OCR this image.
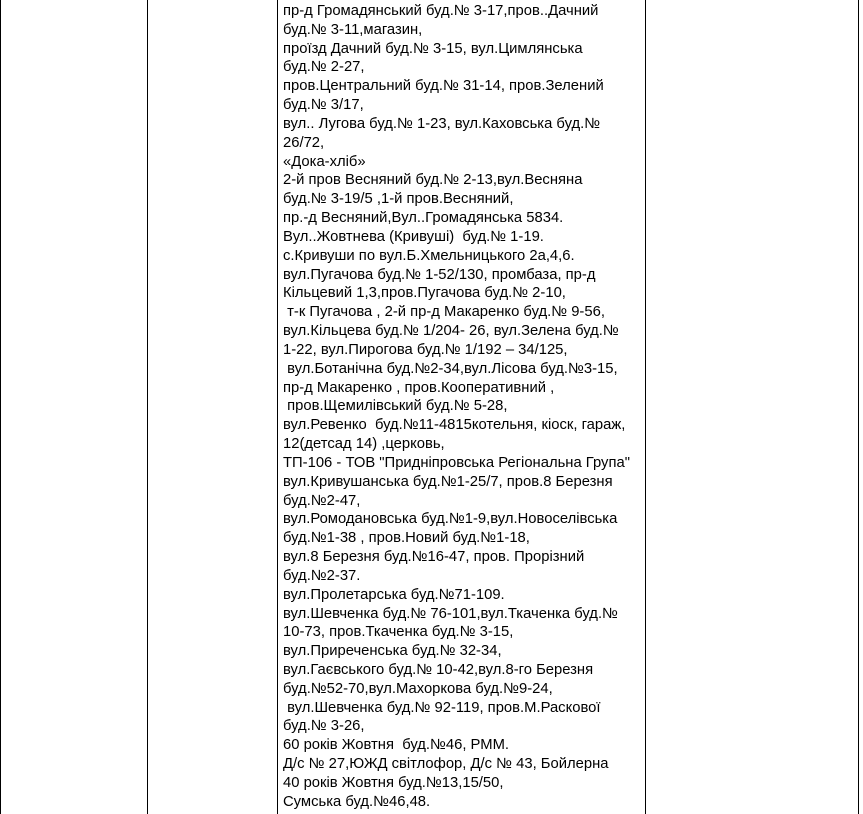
пр-д Громадянський буд.№ 3-17,пров..Дачний
буд.№ 3-11,магазин,
проїзд Дачний буд.№ 3-15, вул.Цимлянська
буд.№ 2-27,
пров.Центральний буд.№ 31-14, пров.Зелений
буд.№ 3/17,
вул.. Лугова буд.№ 1-23, вул.Каховська буд.№
26/72,
«Дока-хліб»
2-й пров Весняний буд.№ 2-13,вул.Весняна
буд.№ 3-19/5 ,1-й пров.Весняний,
пр.-д Весняний,Вул..Громадянська 5834.
Вул..Жовтнева (Кривуші)  буд.№ 1-19.
с.Кривуши по вул.Б.Хмельницького 2а,4,6.
вул.Пугачова буд.№ 1-52/130, промбаза, пр-д
Кільцевий 1,3,пров.Пугачова буд.№ 2-10,
т-к Пугачова , 2-й пр-д Макаренко буд.№ 9-56,
вул.Кільцева буд.№ 1/204- 26, вул.Зелена буд.№
1-22, вул.Пирогова буд.№ 1/192 – 34/125,
вул.Ботанічна буд.№2-34,вул.Лісова буд.№3-15,
пр-д Макаренко , пров.Кооперативний ,
пров.Щемилівський буд.№ 5-28,
вул.Ревенко  буд.№11-4815котельня, кіоск, гараж,
12(детсад 14) ,церковь,
ТП-106 - ТОВ "Придніпровська Регіональна Група"
вул.Кривушанська буд.№1-25/7, пров.8 Березня
буд.№2-47,
вул.Ромодановська буд.№1-9,вул.Новоселівська
буд.№1-38 , пров.Новий буд.№1-18,
вул.8 Березня буд.№16-47, пров. Прорізний
буд.№2-37.
вул.Пролетарська буд.№71-109.
вул.Шевченка буд.№ 76-101,вул.Ткаченка буд.№
10-73, пров.Ткаченка буд.№ 3-15,
вул.Приреченська буд.№ 32-34,
вул.Гаєвського буд.№ 10-42,вул.8-го Березня
буд.№52-70,вул.Махоркова буд.№9-24,
вул.Шевченка буд.№ 92-119, пров.М.Раскової
буд.№ 3-26,
60 років Жовтня  буд.№46, РММ.
Д/с № 27,ЮЖД світлофор, Д/с № 43, Бойлерна
40 років Жовтня буд.№13,15/50,
Сумська буд.№46,48.
